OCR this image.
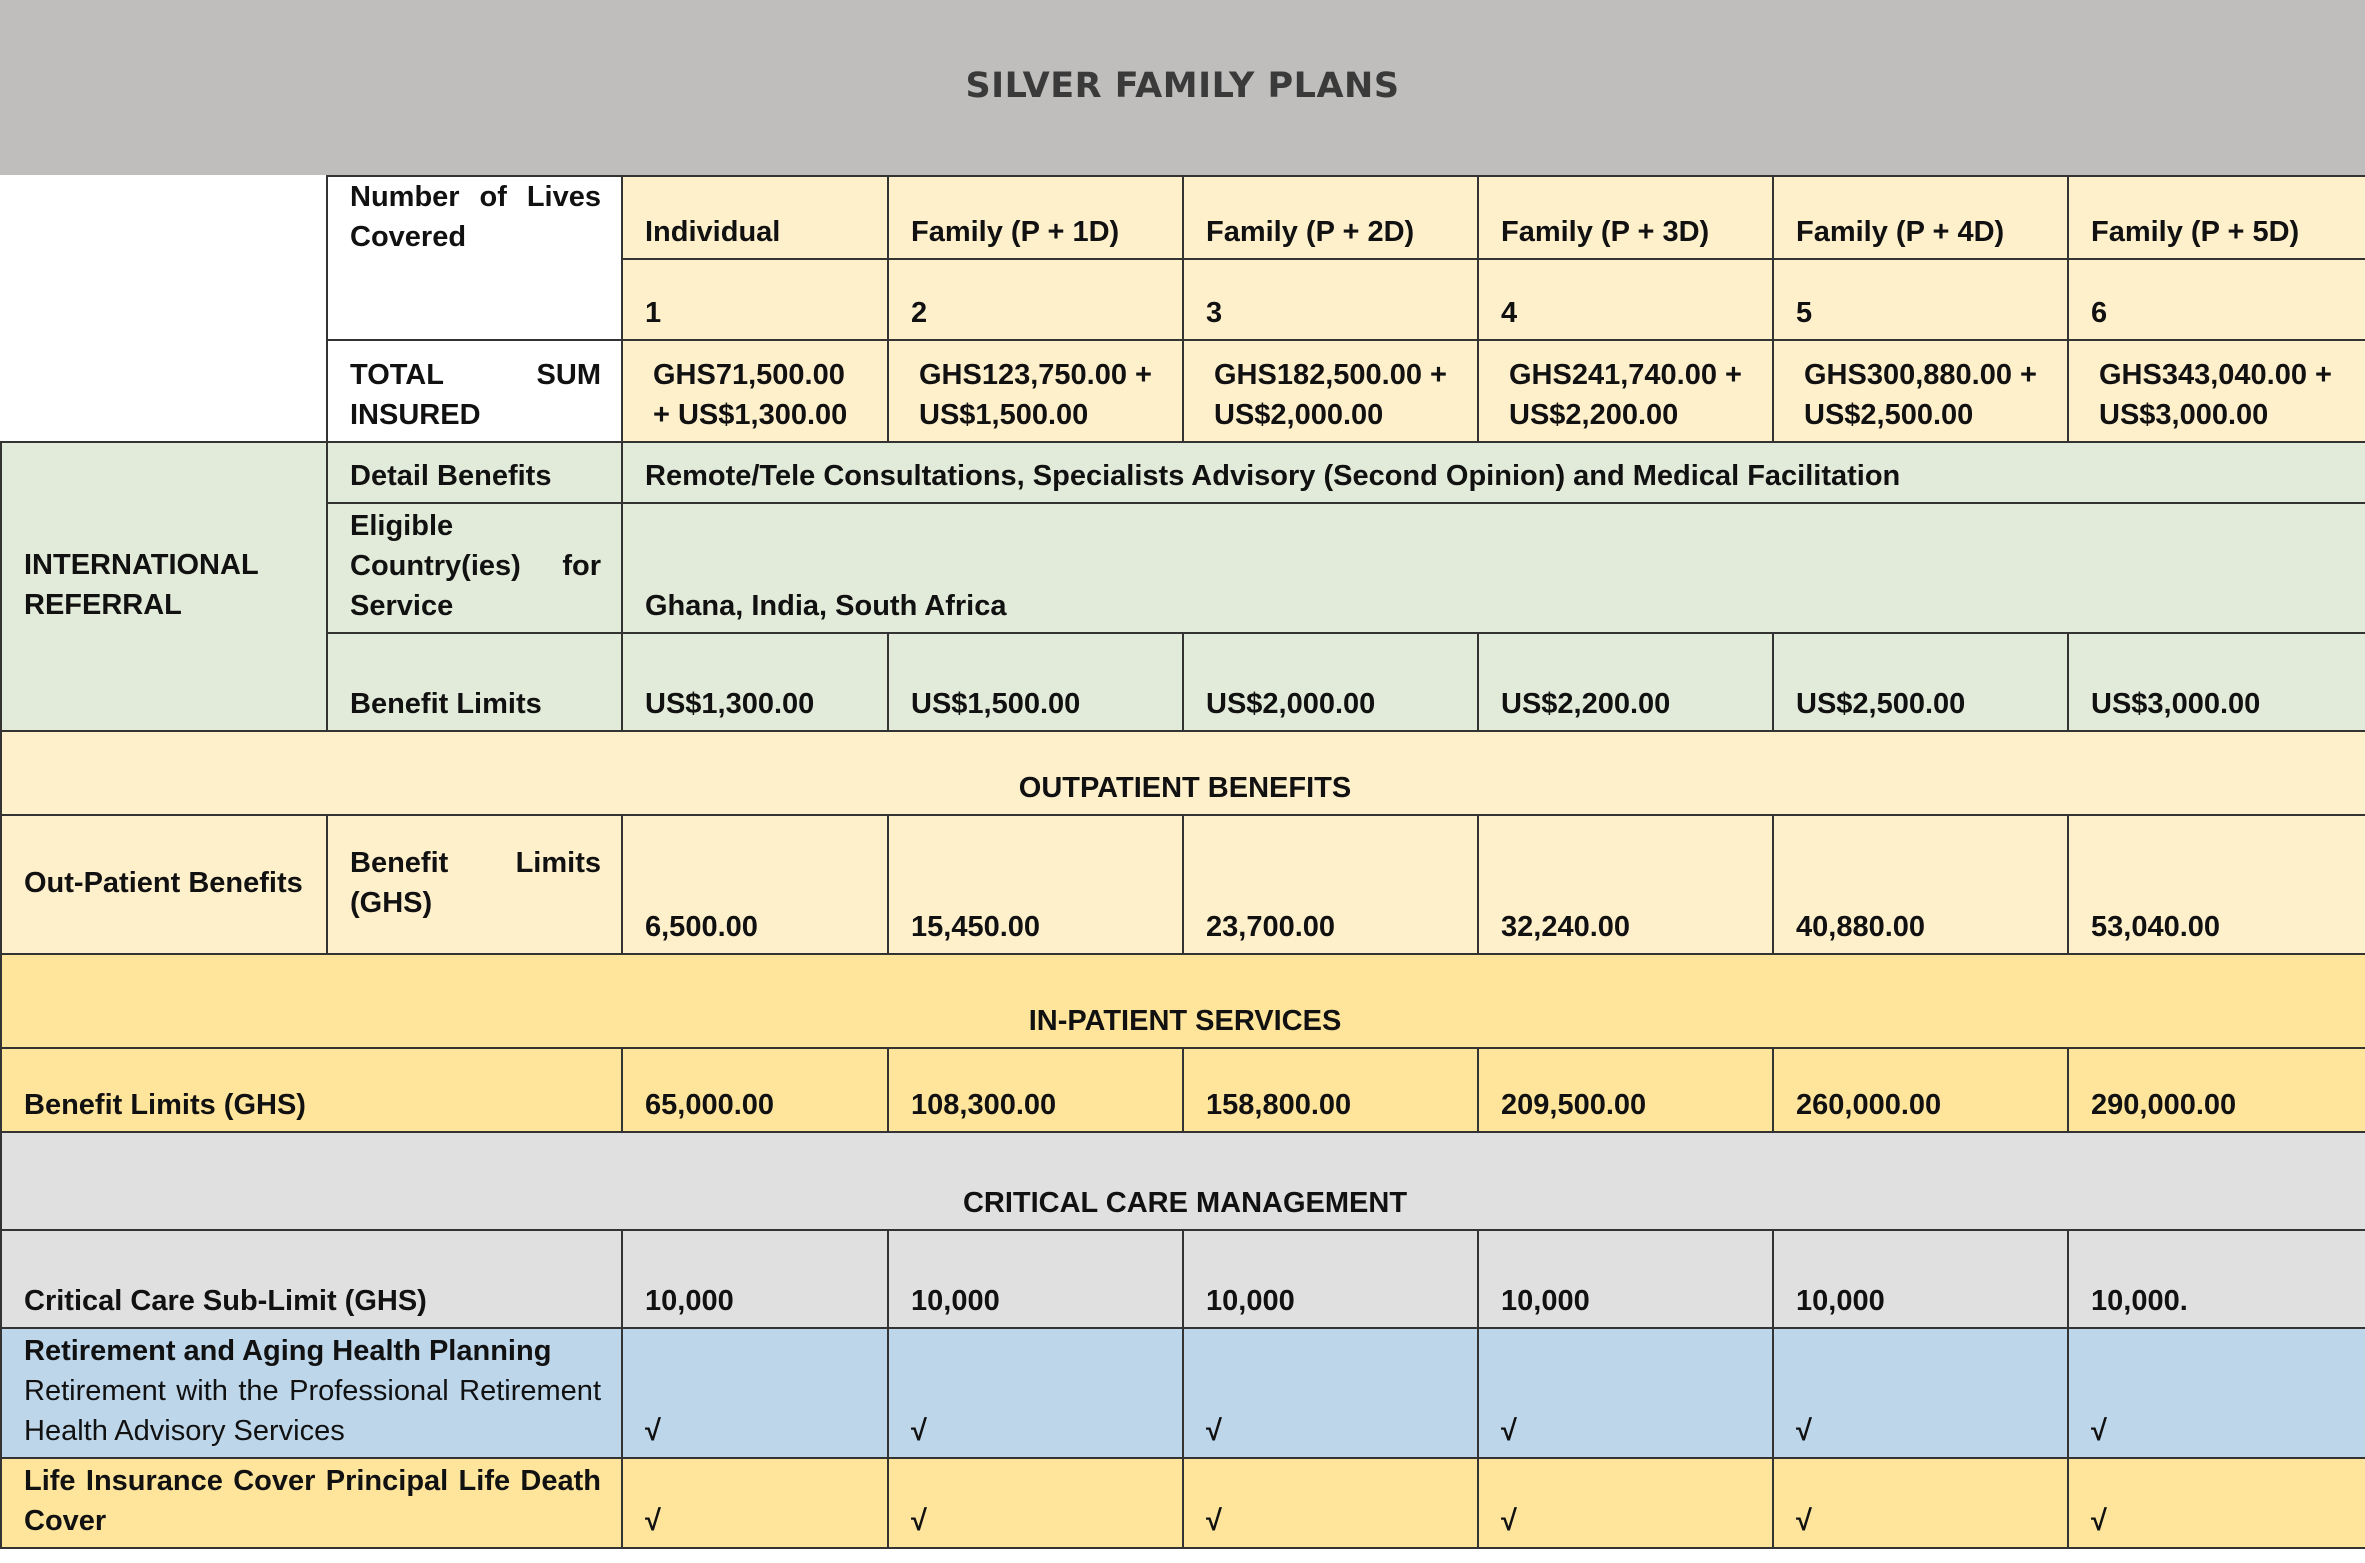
SILVER FAMILY PLANS
	Number of Lives Covered	Individual	Family (P + 1D)	Family (P + 2D)	Family (P + 3D)	Family (P + 4D)	Family (P + 5D)
		1	2	3	4	5	6
	TOTAL SUM INSURED	GHS71,500.00 + US$1,300.00	GHS123,750.00 + US$1,500.00	GHS182,500.00 + US$2,000.00	GHS241,740.00 + US$2,200.00	GHS300,880.00 + US$2,500.00	GHS343,040.00 + US$3,000.00
INTERNATIONAL REFERRAL	Detail Benefits	Remote/Tele Consultations, Specialists Advisory (Second Opinion) and Medical Facilitation					
	Eligible Country(ies) for Service	Ghana, India, South Africa					
	Benefit Limits	US$1,300.00	US$1,500.00	US$2,000.00	US$2,200.00	US$2,500.00	US$3,000.00
OUTPATIENT BENEFITS							
Out-Patient Benefits	Benefit Limits (GHS)	6,500.00	15,450.00	23,700.00	32,240.00	40,880.00	53,040.00
IN-PATIENT SERVICES							
Benefit Limits (GHS)		65,000.00	108,300.00	158,800.00	209,500.00	260,000.00	290,000.00
CRITICAL CARE MANAGEMENT							
Critical Care Sub-Limit (GHS)		10,000	10,000	10,000	10,000	10,000	10,000.

Retirement and Aging Health Planning
Retirement with the Professional Retirement Health Advisory Services		√	√	√	√	√	√
Life Insurance Cover Principal Life Death Cover		√	√	√	√	√	√
